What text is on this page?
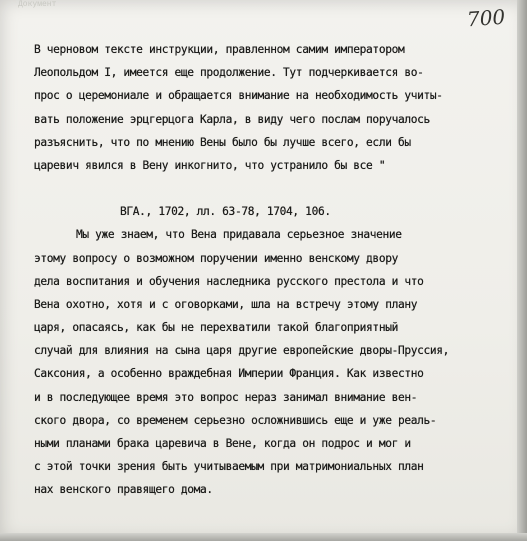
Документ
700
В черновом тексте инструкции, правленном самим императором
Леопольдом I, имеется еще продолжение. Тут подчеркивается во-
прос о церемониале и обращается внимание на необходимость учиты-
вать положение эрцгерцога Карла, в виду чего послам поручалось
разъяснить, что по мнению Вены было бы лучше всего, если бы
царевич явился в Вену инкогнито, что устранило бы все "
ВГА., 1702, лл. 63-78, 1704, 106.
Мы уже знаем, что Вена придавала серьезное значение
этому вопросу о возможном поручении именно венскому двору
дела воспитания и обучения наследника русского престола и что
Вена охотно, хотя и с оговорками, шла на встречу этому плану
царя, опасаясь, как бы не перехватили такой благоприятный
случай для влияния на сына царя другие европейские дворы-Пруссия,
Саксония, а особенно враждебная Империи Франция. Как известно
и в последующее время это вопрос нераз занимал внимание вен-
ского двора, со временем серьезно осложнившись еще и уже реаль-
ными планами брака царевича в Вене, когда он подрос и мог и
с этой точки зрения быть учитываемым при матримониальных план
нах венского правящего дома.
